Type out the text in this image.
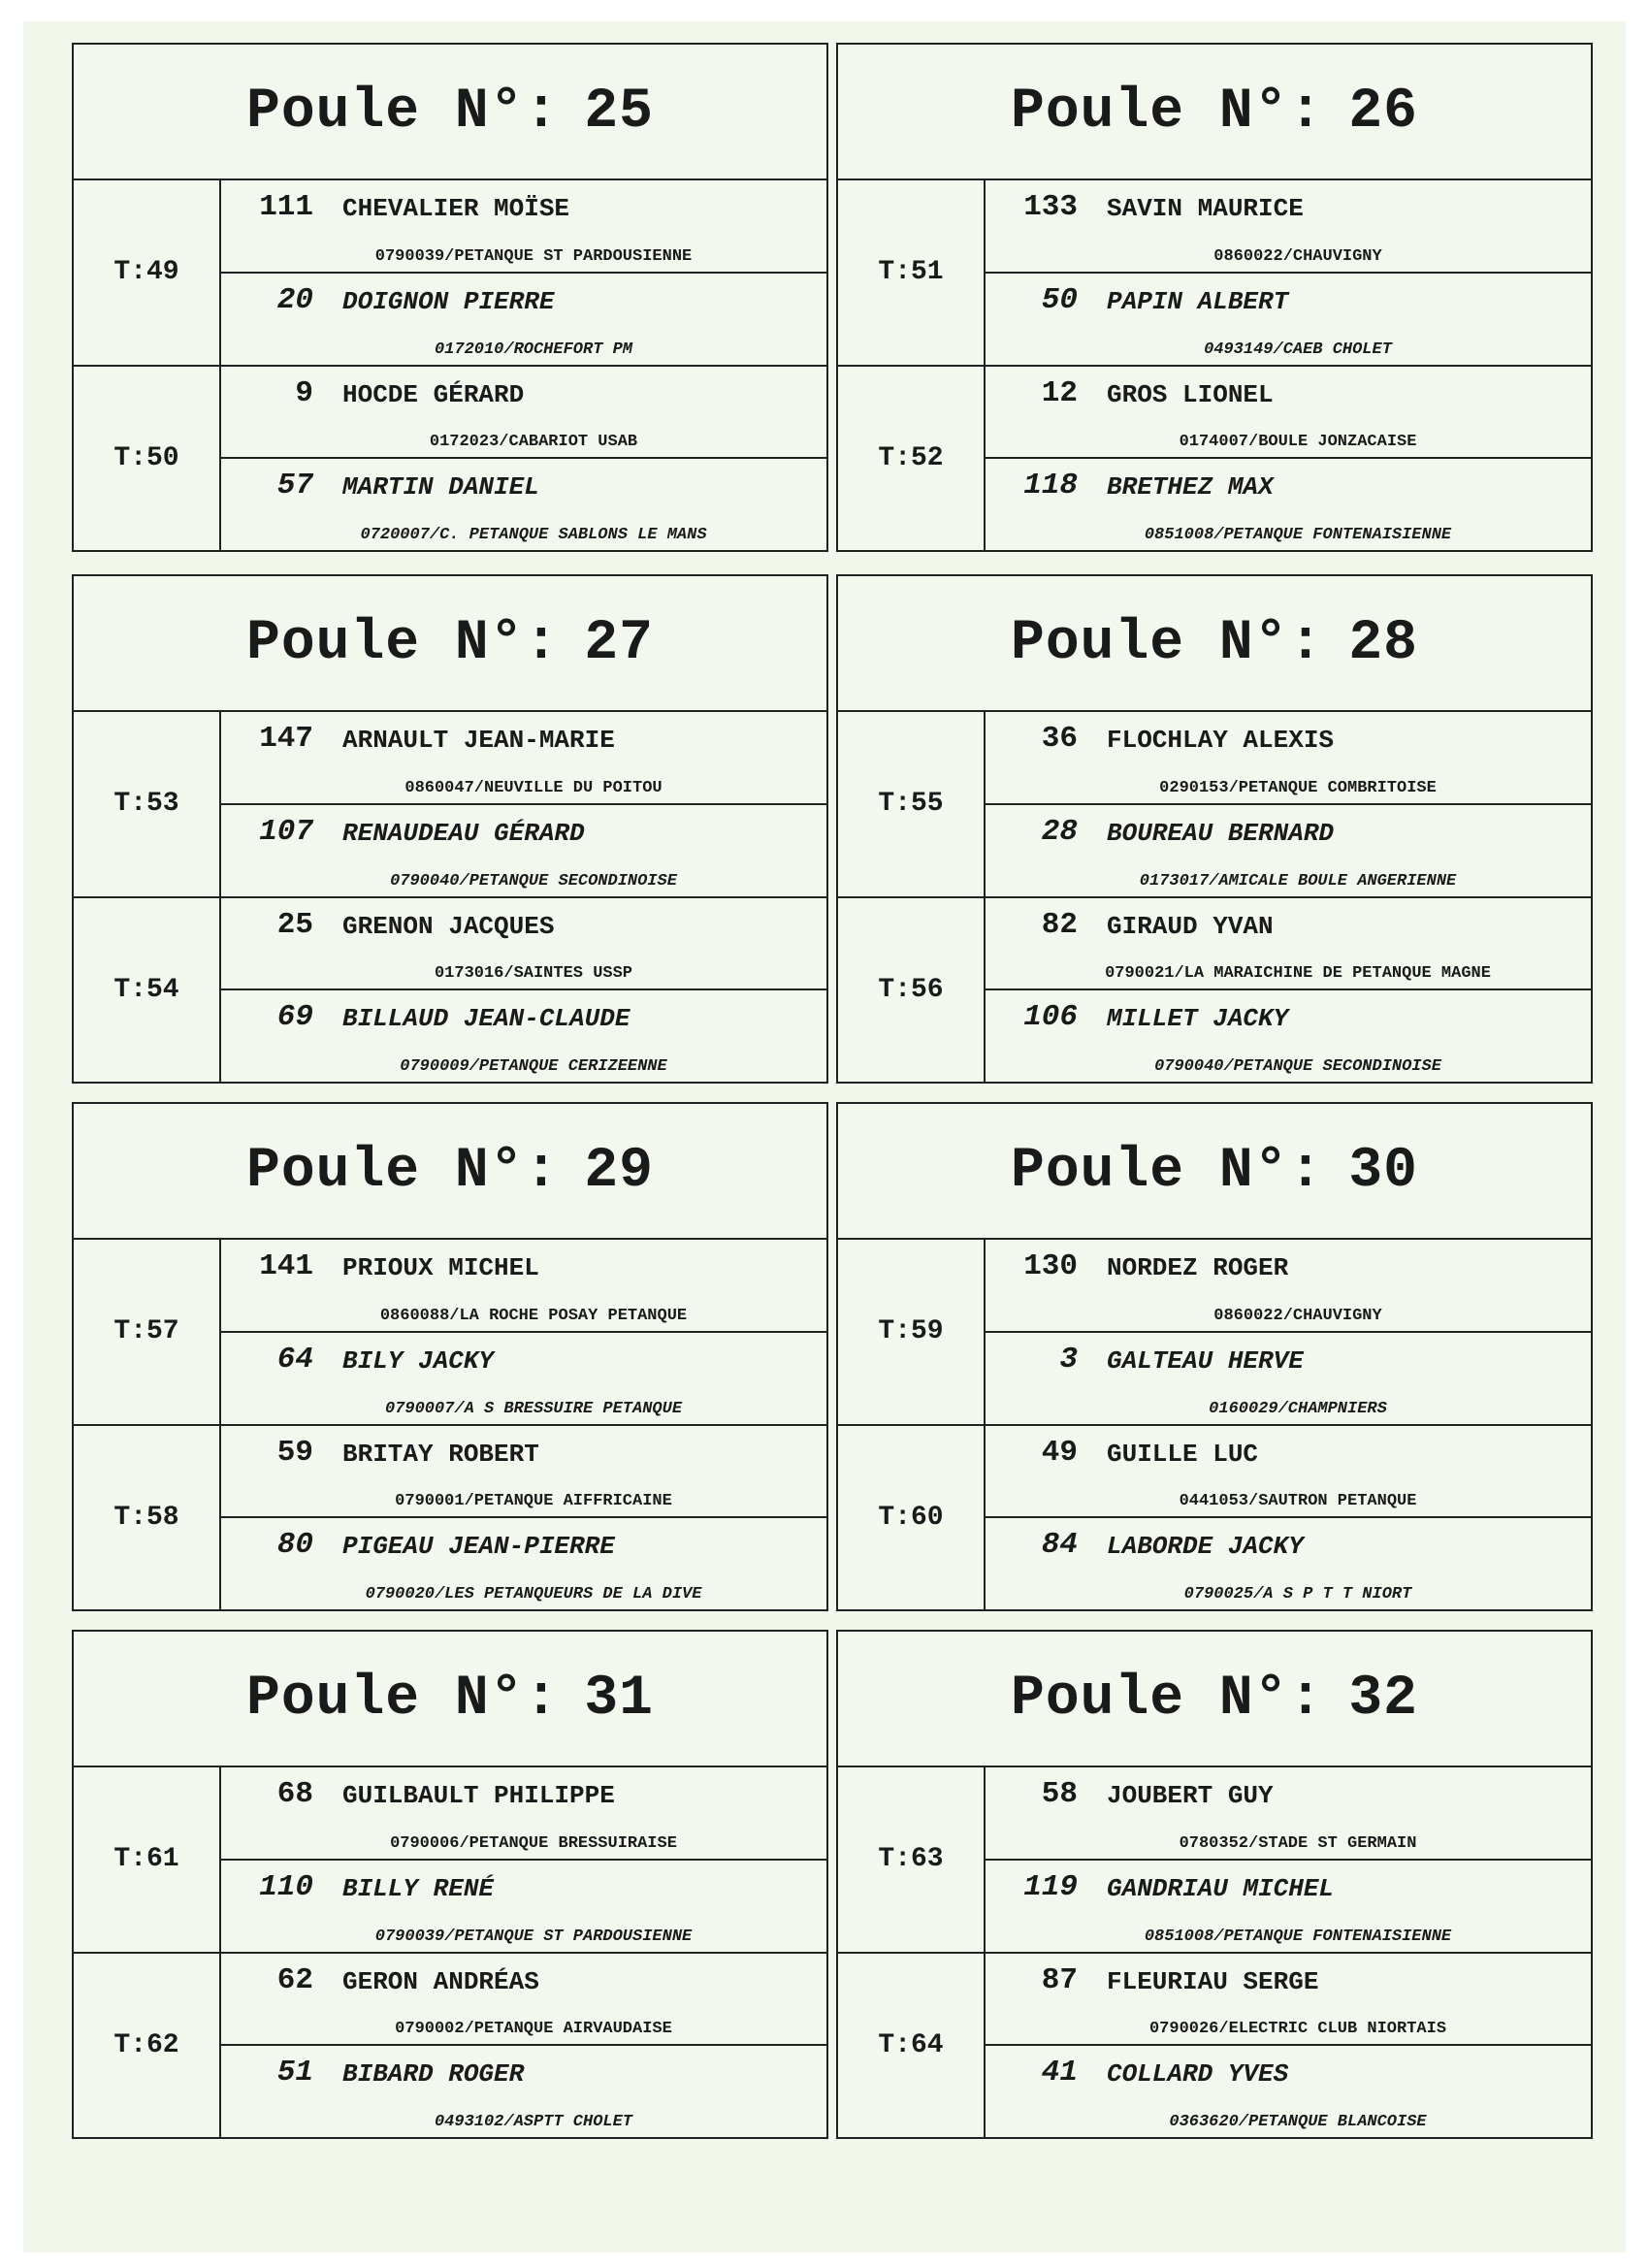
Poule N°: 25
T:49
111 CHEVALIER MOÏSE
0790039/PETANQUE ST PARDOUSIENNE
20 DOIGNON PIERRE
0172010/ROCHEFORT PM
T:50
9 HOCDE GÉRARD
0172023/CABARIOT USAB
57 MARTIN DANIEL
0720007/C. PETANQUE SABLONS LE MANS
Poule N°: 26
T:51
133 SAVIN MAURICE
0860022/CHAUVIGNY
50 PAPIN ALBERT
0493149/CAEB CHOLET
T:52
12 GROS LIONEL
0174007/BOULE JONZACAISE
118 BRETHEZ MAX
0851008/PETANQUE FONTENAISIENNE
Poule N°: 27
T:53
147 ARNAULT JEAN-MARIE
0860047/NEUVILLE DU POITOU
107 RENAUDEAU GÉRARD
0790040/PETANQUE SECONDINOISE
T:54
25 GRENON JACQUES
0173016/SAINTES USSP
69 BILLAUD JEAN-CLAUDE
0790009/PETANQUE CERIZEENNE
Poule N°: 28
T:55
36 FLOCHLAY ALEXIS
0290153/PETANQUE COMBRITOISE
28 BOUREAU BERNARD
0173017/AMICALE BOULE ANGERIENNE
T:56
82 GIRAUD YVAN
0790021/LA MARAICHINE DE PETANQUE MAGNE
106 MILLET JACKY
0790040/PETANQUE SECONDINOISE
Poule N°: 29
T:57
141 PRIOUX MICHEL
0860088/LA ROCHE POSAY PETANQUE
64 BILY JACKY
0790007/A S BRESSUIRE PETANQUE
T:58
59 BRITAY ROBERT
0790001/PETANQUE AIFFRICAINE
80 PIGEAU JEAN-PIERRE
0790020/LES PETANQUEURS DE LA DIVE
Poule N°: 30
T:59
130 NORDEZ ROGER
0860022/CHAUVIGNY
3 GALTEAU HERVE
0160029/CHAMPNIERS
T:60
49 GUILLE LUC
0441053/SAUTRON PETANQUE
84 LABORDE JACKY
0790025/A S P T T NIORT
Poule N°: 31
T:61
68 GUILBAULT PHILIPPE
0790006/PETANQUE BRESSUIRAISE
110 BILLY RENÉ
0790039/PETANQUE ST PARDOUSIENNE
T:62
62 GERON ANDRÉAS
0790002/PETANQUE AIRVAUDAISE
51 BIBARD ROGER
0493102/ASPTT CHOLET
Poule N°: 32
T:63
58 JOUBERT GUY
0780352/STADE ST GERMAIN
119 GANDRIAU MICHEL
0851008/PETANQUE FONTENAISIENNE
T:64
87 FLEURIAU SERGE
0790026/ELECTRIC CLUB NIORTAIS
41 COLLARD YVES
0363620/PETANQUE BLANCOISE
